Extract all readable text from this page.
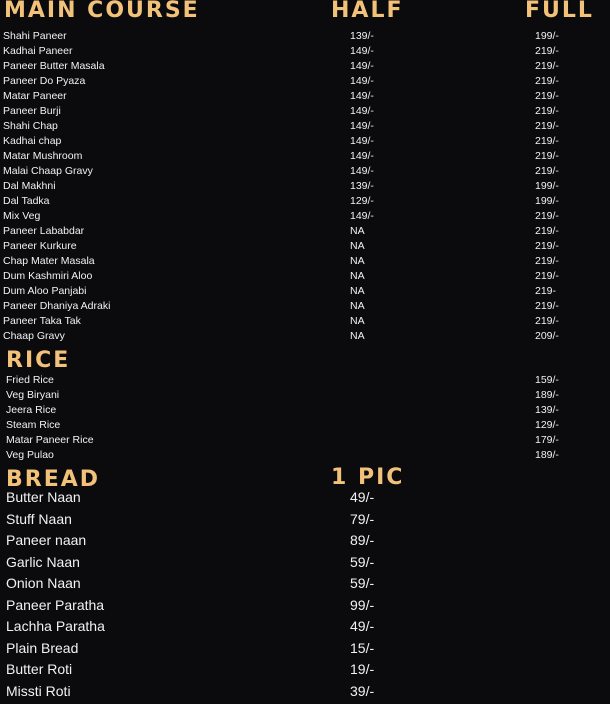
MAIN COURSE	HALF	FULL
Shahi Paneer	139/-	199/-
Kadhai Paneer	149/-	219/-
Paneer Butter Masala	149/-	219/-
Paneer Do Pyaza	149/-	219/-
Matar Paneer	149/-	219/-
Paneer Burji	149/-	219/-
Shahi Chap	149/-	219/-
Kadhai chap	149/-	219/-
Matar Mushroom	149/-	219/-
Malai Chaap Gravy	149/-	219/-
Dal Makhni	139/-	199/-
Dal Tadka	129/-	199/-
Mix Veg	149/-	219/-
Paneer Lababdar	NA	219/-
Paneer Kurkure	NA	219/-
Chap Mater Masala	NA	219/-
Dum Kashmiri Aloo	NA	219/-
Dum Aloo Panjabi	NA	219-
Paneer Dhaniya Adraki	NA	219/-
Paneer Taka Tak	NA	219/-
Chaap Gravy	NA	209/-
RICE
Fried Rice	159/-
Veg Biryani	189/-
Jeera Rice	139/-
Steam Rice	129/-
Matar Paneer Rice	179/-
Veg Pulao	189/-
BREAD	1 PIC
Butter Naan	49/-
Stuff Naan	79/-
Paneer naan	89/-
Garlic Naan	59/-
Onion Naan	59/-
Paneer Paratha	99/-
Lachha Paratha	49/-
Plain Bread	15/-
Butter Roti	19/-
Missti Roti	39/-
